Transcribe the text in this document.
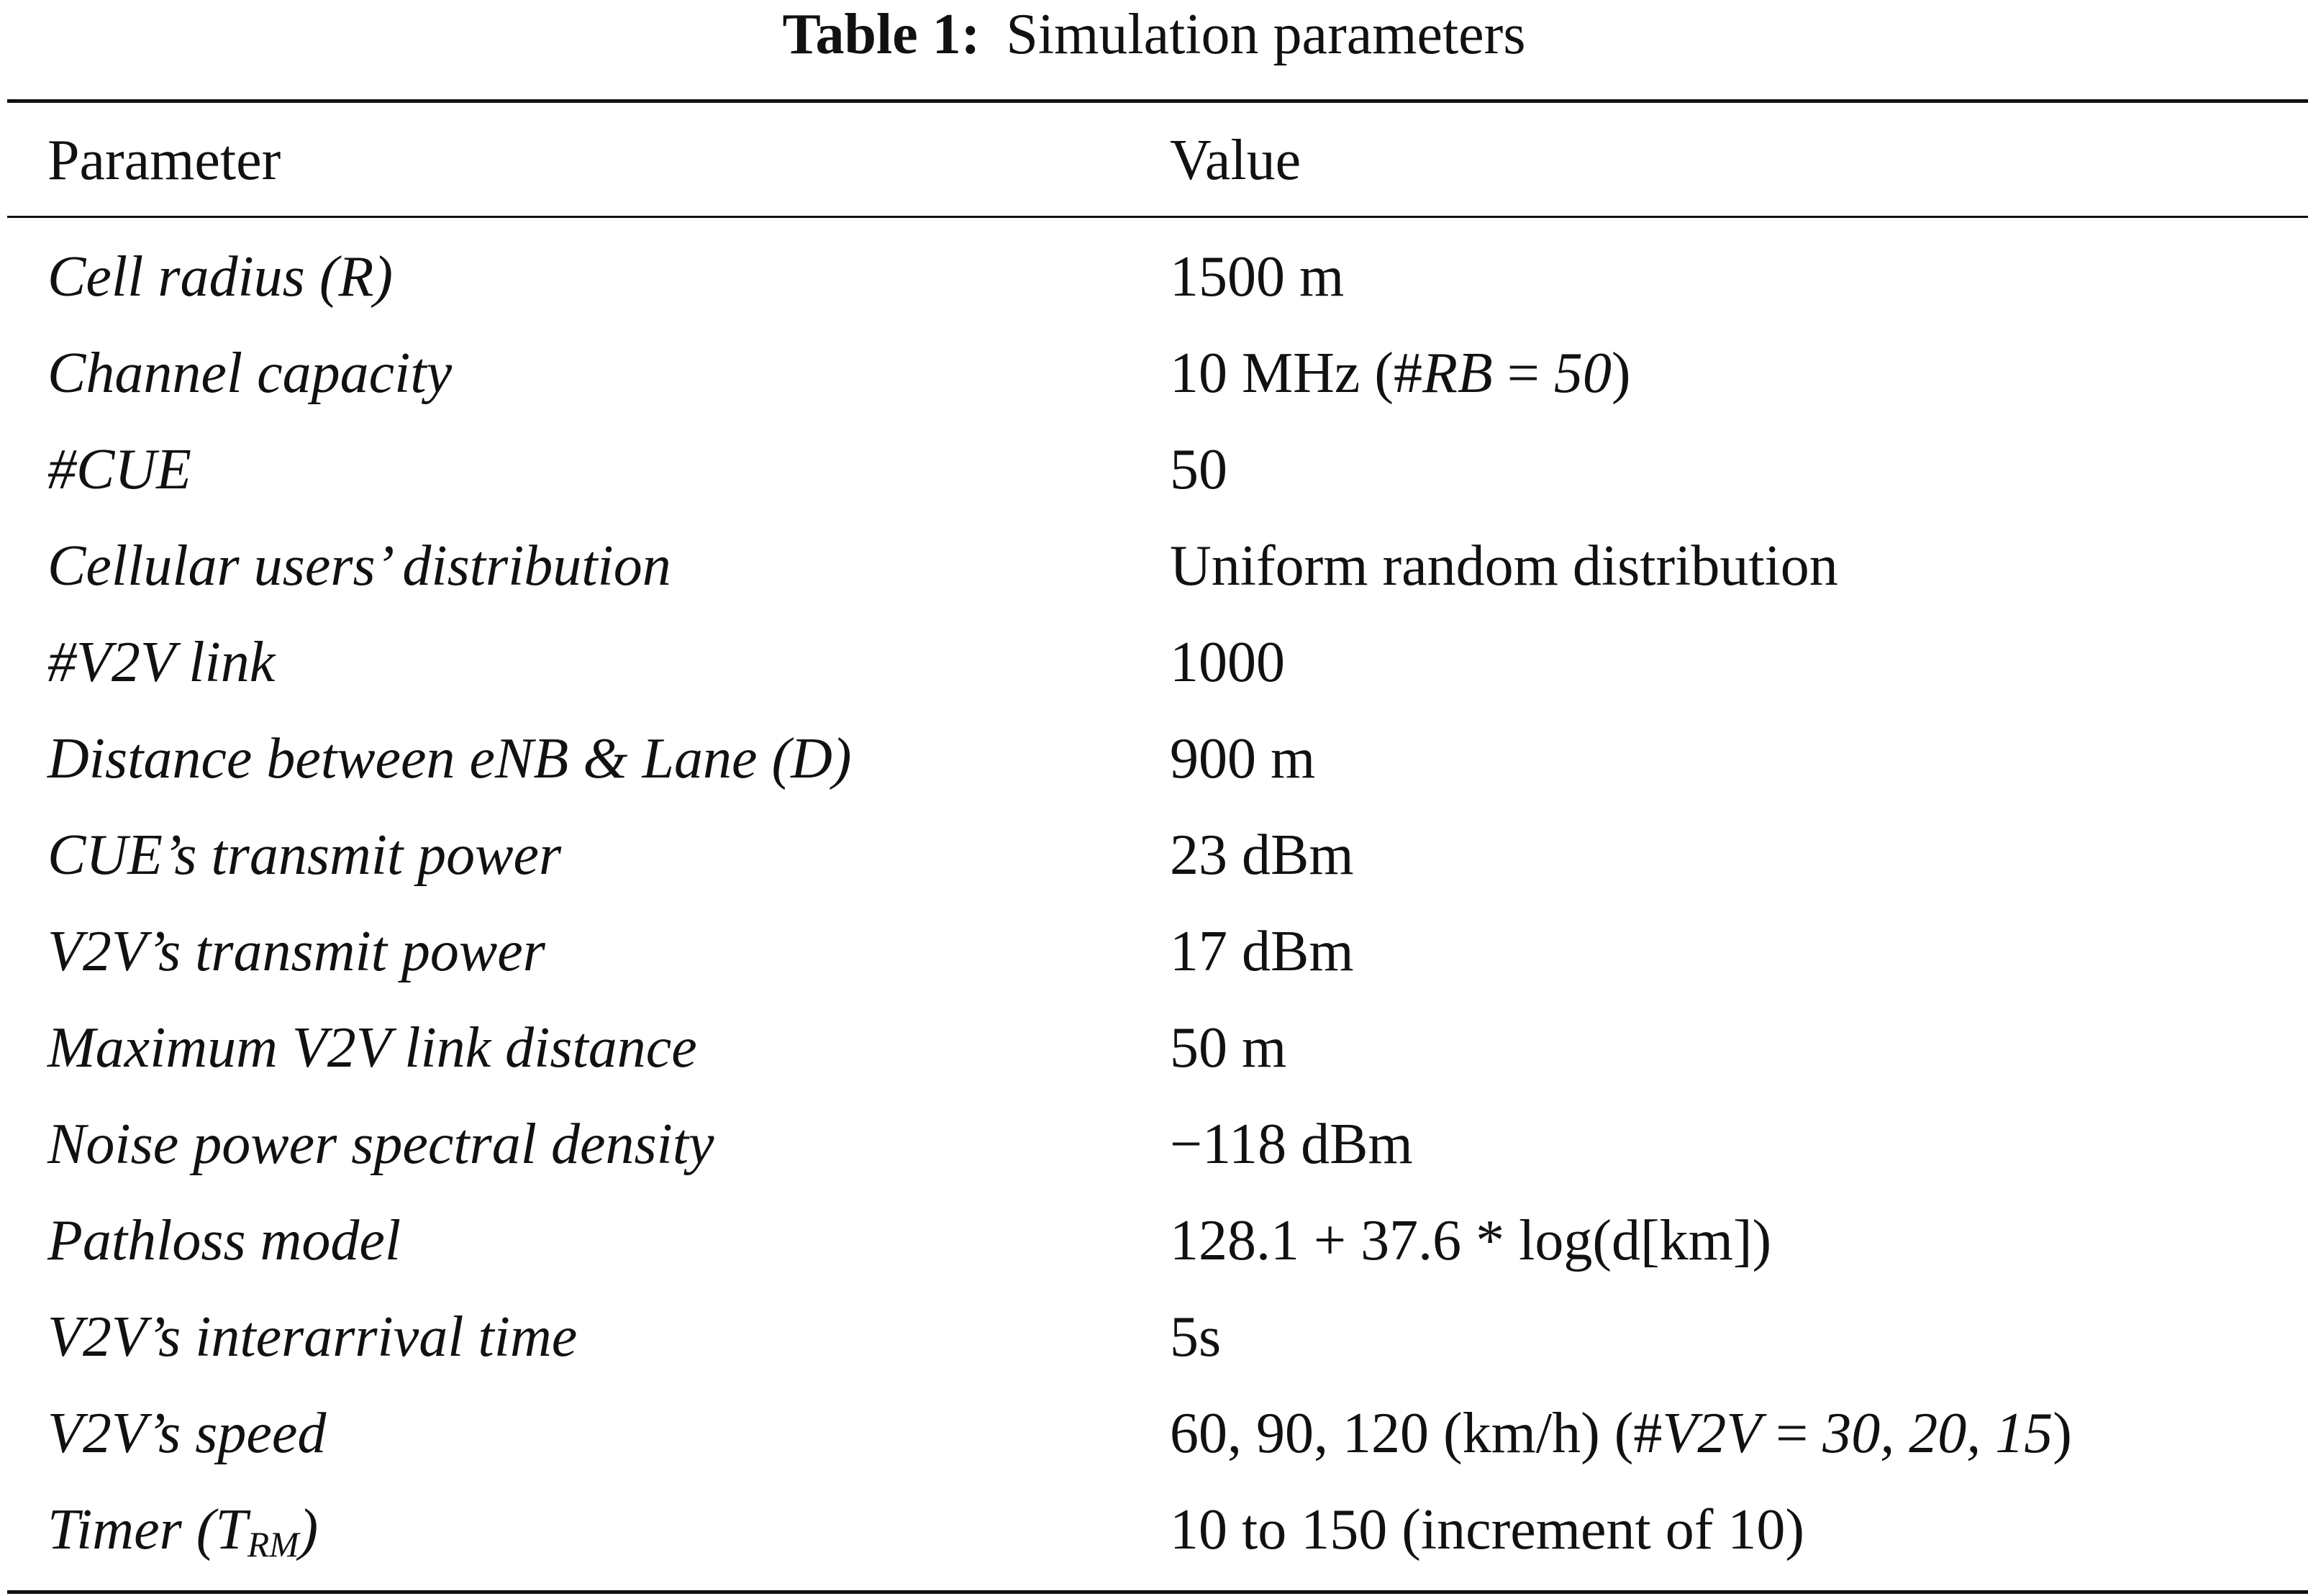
Table 1: Simulation parameters
Parameter	Value
Cell radius (R)	1500 m
Channel capacity	10 MHz (#RB = 50)
#CUE	50
Cellular users’ distribution	Uniform random distribution
#V2V link	1000
Distance between eNB & Lane (D)	900 m
CUE’s transmit power	23 dBm
V2V’s transmit power	17 dBm
Maximum V2V link distance	50 m
Noise power spectral density	−118 dBm
Pathloss model	128.1 + 37.6 * log(d[km])
V2V’s interarrival time	5s
V2V’s speed	60, 90, 120 (km/h) (#V2V = 30, 20, 15)
Timer $(T_{RM})$	10 to 150 (increment of 10)
